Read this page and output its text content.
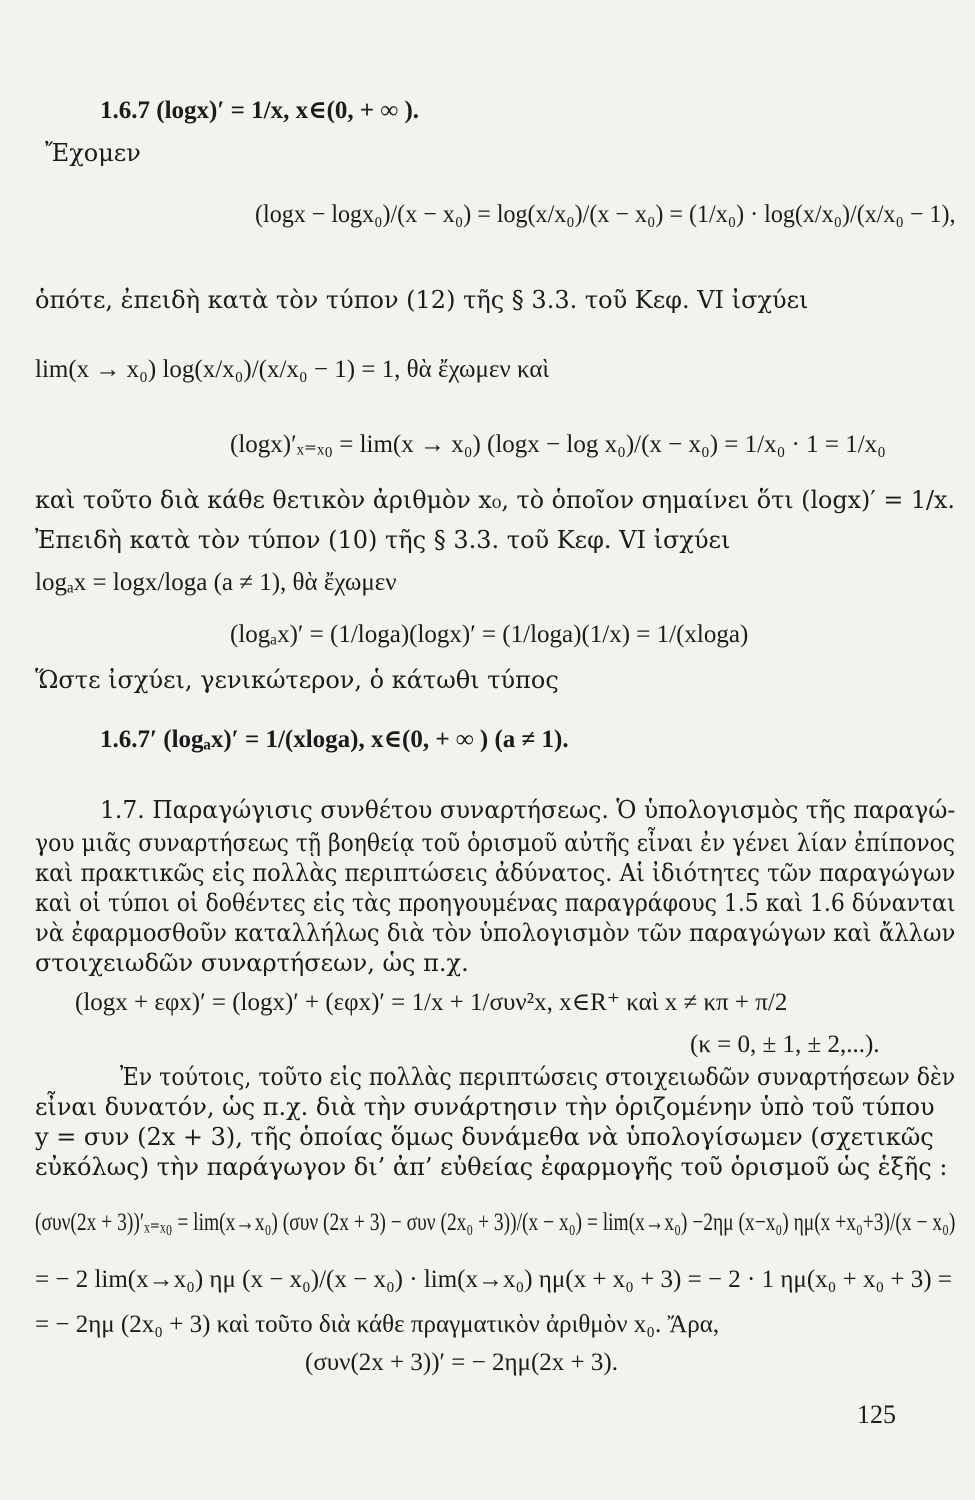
1.6.7 (logx)′ = 1/x, x∈(0, + ∞ ).
Ἔχομεν
(logx − logx₀)/(x − x₀) = log(x/x₀)/(x − x₀) = (1/x₀) · log(x/x₀)/(x/x₀ − 1),
ὁπότε, ἐπειδὴ κατὰ τὸν τύπον (12) τῆς § 3.3. τοῦ Κεφ. VI ἰσχύει
lim(x → x₀) log(x/x₀)/(x/x₀ − 1) = 1, θὰ ἔχωμεν καὶ
(logx)′ₓ₌ₓ₀ = lim(x → x₀) (logx − log x₀)/(x − x₀) = 1/x₀ · 1 = 1/x₀
καὶ τοῦτο διὰ κάθε θετικὸν ἀριθμὸν x₀, τὸ ὁποῖον σημαίνει ὅτι (logx)′ = 1/x.
Ἐπειδὴ κατὰ τὸν τύπον (10) τῆς § 3.3. τοῦ Κεφ. VI ἰσχύει
logₐx = logx/loga (a ≠ 1), θὰ ἔχωμεν
(logₐx)′ = (1/loga)(logx)′ = (1/loga)(1/x) = 1/(xloga)
Ὥστε ἰσχύει, γενικώτερον, ὁ κάτωθι τύπος
1.6.7′ (logₐx)′ = 1/(xloga), x∈(0, + ∞ ) (a ≠ 1).
1.7. Παραγώγισις συνθέτου συναρτήσεως. Ὁ ὑπολογισμὸς τῆς παραγώ-
γου μιᾶς συναρτήσεως τῇ βοηθείᾳ τοῦ ὁρισμοῦ αὐτῆς εἶναι ἐν γένει λίαν ἐπίπονος
καὶ πρακτικῶς εἰς πολλὰς περιπτώσεις ἀδύνατος. Αἱ ἰδιότητες τῶν παραγώγων
καὶ οἱ τύποι οἱ δοθέντες εἰς τὰς προηγουμένας παραγράφους 1.5 καὶ 1.6 δύνανται
νὰ ἐφαρμοσθοῦν καταλλήλως διὰ τὸν ὑπολογισμὸν τῶν παραγώγων καὶ ἄλλων
στοιχειωδῶν συναρτήσεων, ὡς π.χ.
(logx + εφx)′ = (logx)′ + (εφx)′ = 1/x + 1/συν²x, x∈R⁺ καὶ x ≠ κπ + π/2
(κ = 0, ± 1, ± 2,...).
Ἐν τούτοις, τοῦτο εἰς πολλὰς περιπτώσεις στοιχειωδῶν συναρτήσεων δὲν
εἶναι δυνατόν, ὡς π.χ. διὰ τὴν συνάρτησιν τὴν ὁριζομένην ὑπὸ τοῦ τύπου
y = συν (2x + 3), τῆς ὁποίας ὅμως δυνάμεθα νὰ ὑπολογίσωμεν (σχετικῶς
εὐκόλως) τὴν παράγωγον δι’ ἀπ’ εὐθείας ἐφαρμογῆς τοῦ ὁρισμοῦ ὡς ἑξῆς :
(συν(2x + 3))′ₓ₌ₓ₀ = lim(x→x₀) (συν (2x + 3) − συν (2x₀ + 3))/(x − x₀) = lim(x→x₀) −2ημ (x−x₀) ημ(x +x₀+3)/(x − x₀)
= − 2 lim(x→x₀) ημ (x − x₀)/(x − x₀) · lim(x→x₀) ημ(x + x₀ + 3) = − 2 · 1 ημ(x₀ + x₀ + 3) =
= − 2ημ (2x₀ + 3) καὶ τοῦτο διὰ κάθε πραγματικὸν ἀριθμὸν x₀. Ἄρα,
(συν(2x + 3))′ = − 2ημ(2x + 3).
125
